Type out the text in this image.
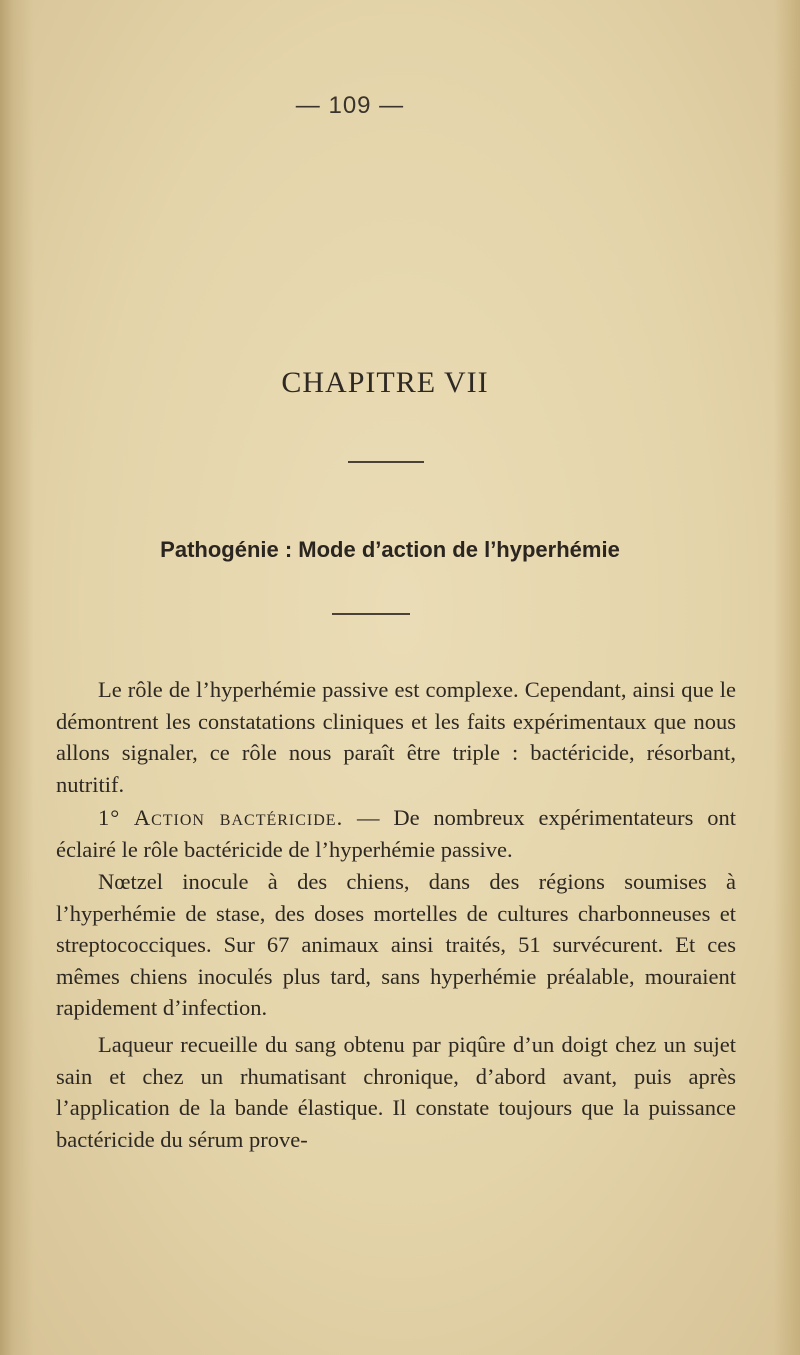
— 109 —
CHAPITRE VII
Pathogénie : Mode d’action de l’hyperhémie

Le rôle de l’hyperhémie passive est complexe. Cependant, ainsi que le démontrent les constatations cliniques et les faits expérimentaux que nous allons signaler, ce rôle nous paraît être triple : bactéricide, résorbant, nutritif.

1° Action bactéricide. — De nombreux expérimentateurs ont éclairé le rôle bactéricide de l’hyperhémie passive.

Nœtzel inocule à des chiens, dans des régions soumises à l’hyperhémie de stase, des doses mortelles de cultures charbonneuses et streptococciques. Sur 67 animaux ainsi traités, 51 survécurent. Et ces mêmes chiens inoculés plus tard, sans hyperhémie préalable, mouraient rapidement d’infection.

Laqueur recueille du sang obtenu par piqûre d’un doigt chez un sujet sain et chez un rhumatisant chronique, d’abord avant, puis après l’application de la bande élastique. Il constate toujours que la puissance bactéricide du sérum prove-
